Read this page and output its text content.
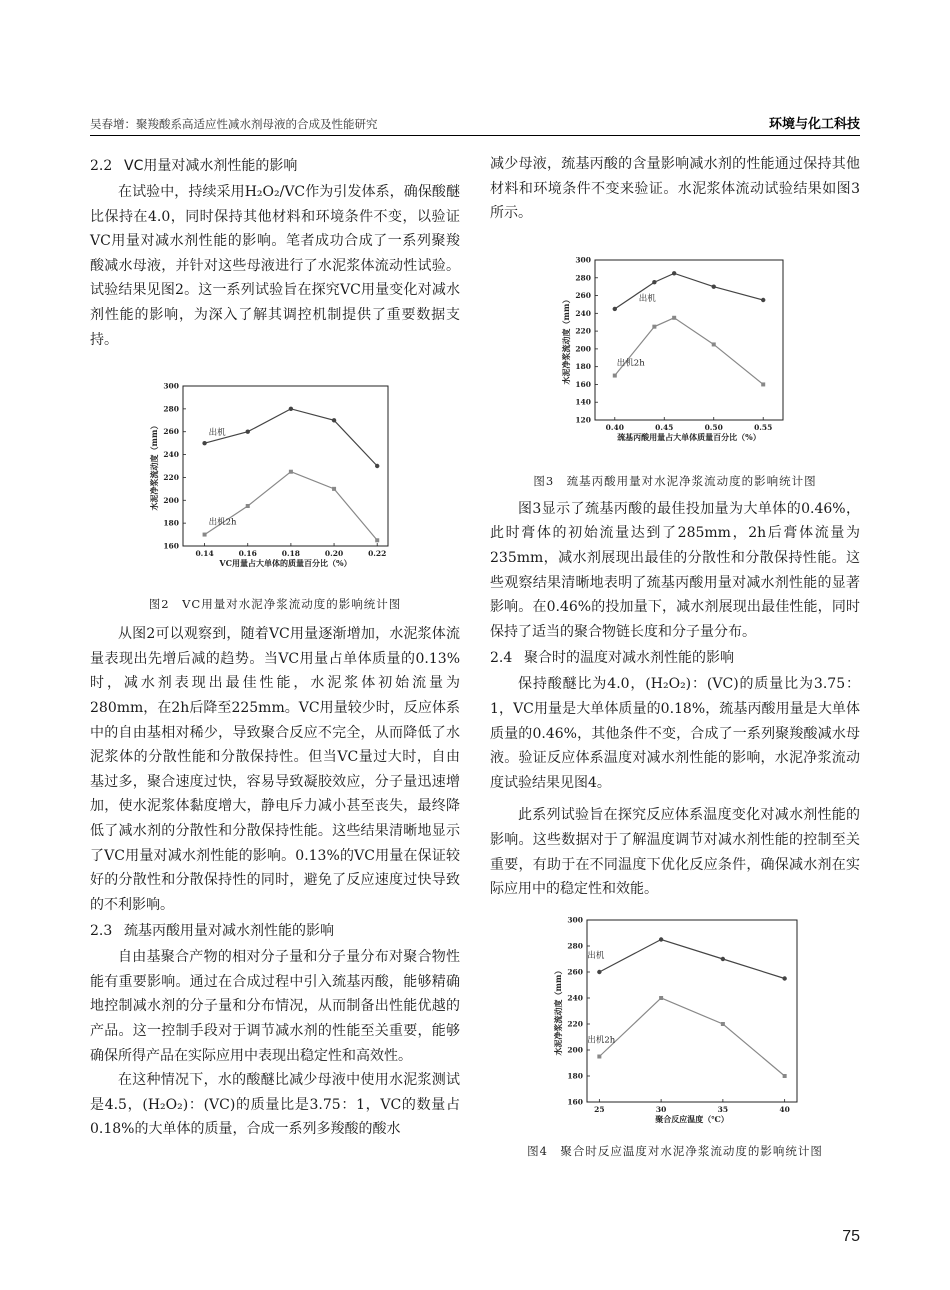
吴春增：聚羧酸系高适应性减水剂母液的合成及性能研究	环境与化工科技
2.2 VC用量对减水剂性能的影响

在试验中，持续采用H₂O₂/VC作为引发体系，确保酸醚比保持在4.0，同时保持其他材料和环境条件不变，以验证VC用量对减水剂性能的影响。笔者成功合成了一系列聚羧酸减水母液，并针对这些母液进行了水泥浆体流动性试验。试验结果见图2。这一系列试验旨在探究VC用量变化对减水剂性能的影响，为深入了解其调控机制提供了重要数据支持。

160
180
200
220
240
260
280
300
0.14	0.16	0.18	0.20	0.22
VC用量占大单体的质量百分比（%）
水泥净浆流动度（mm）	出机
出机2h
图2　VC用量对水泥净浆流动度的影响统计图

从图2可以观察到，随着VC用量逐渐增加，水泥浆体流量表现出先增后减的趋势。当VC用量占单体质量的0.13%时，减水剂表现出最佳性能，水泥浆体初始流量为280mm，在2h后降至225mm。VC用量较少时，反应体系中的自由基相对稀少，导致聚合反应不完全，从而降低了水泥浆体的分散性能和分散保持性。但当VC量过大时，自由基过多，聚合速度过快，容易导致凝胶效应，分子量迅速增加，使水泥浆体黏度增大，静电斥力减小甚至丧失，最终降低了减水剂的分散性和分散保持性能。这些结果清晰地显示了VC用量对减水剂性能的影响。0.13%的VC用量在保证较好的分散性和分散保持性的同时，避免了反应速度过快导致的不利影响。

2.3 巯基丙酸用量对减水剂性能的影响

自由基聚合产物的相对分子量和分子量分布对聚合物性能有重要影响。通过在合成过程中引入巯基丙酸，能够精确地控制减水剂的分子量和分布情况，从而制备出性能优越的产品。这一控制手段对于调节减水剂的性能至关重要，能够确保所得产品在实际应用中表现出稳定性和高效性。

在这种情况下，水的酸醚比减少母液中使用水泥浆测试是4.5，(H₂O₂)：(VC)的质量比是3.75：1，VC的数量占0.18%的大单体的质量，合成一系列多羧酸的酸水

减少母液，巯基丙酸的含量影响减水剂的性能通过保持其他材料和环境条件不变来验证。水泥浆体流动试验结果如图3所示。

120
140
160
180
200
220
240
260
280
300
0.40	0.45	0.50	0.55
巯基丙酸用量占大单体质量百分比（%）
水泥净浆流动度（mm）	出机
出机2h
图3　巯基丙酸用量对水泥净浆流动度的影响统计图

图3显示了巯基丙酸的最佳投加量为大单体的0.46%，此时膏体的初始流量达到了285mm，2h后膏体流量为235mm，减水剂展现出最佳的分散性和分散保持性能。这些观察结果清晰地表明了巯基丙酸用量对减水剂性能的显著影响。在0.46%的投加量下，减水剂展现出最佳性能，同时保持了适当的聚合物链长度和分子量分布。

2.4 聚合时的温度对减水剂性能的影响

保持酸醚比为4.0，(H₂O₂)：(VC)的质量比为3.75：1，VC用量是大单体质量的0.18%，巯基丙酸用量是大单体质量的0.46%，其他条件不变，合成了一系列聚羧酸减水母液。验证反应体系温度对减水剂性能的影响，水泥净浆流动度试验结果见图4。

此系列试验旨在探究反应体系温度变化对减水剂性能的影响。这些数据对于了解温度调节对减水剂性能的控制至关重要，有助于在不同温度下优化反应条件，确保减水剂在实际应用中的稳定性和效能。

160
180
200
220
240
260
280
300
25	30	35	40
聚合反应温度（℃）
水泥净浆流动度（mm）
出机
出机2h
图4　聚合时反应温度对水泥净浆流动度的影响统计图
75
